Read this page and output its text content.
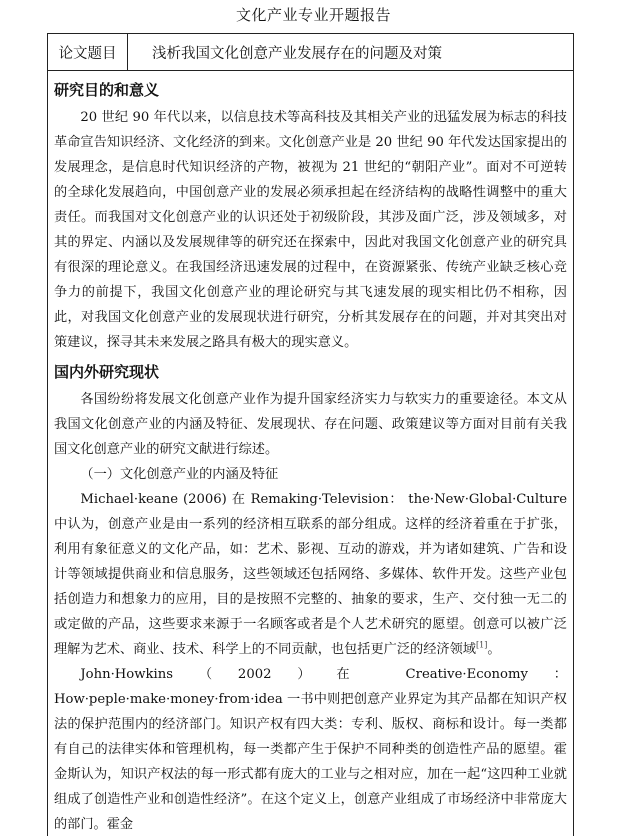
文化产业专业开题报告
论文题目	浅析我国文化创意产业发展存在的问题及对策
研究目的和意义

20 世纪 90 年代以来，以信息技术等高科技及其相关产业的迅猛发展为标志的科技革命宣告知识经济、文化经济的到来。文化创意产业是 20 世纪 90 年代发达国家提出的发展理念，是信息时代知识经济的产物，被视为 21 世纪的“朝阳产业”。面对不可逆转的全球化发展趋向，中国创意产业的发展必须承担起在经济结构的战略性调整中的重大责任。而我国对文化创意产业的认识还处于初级阶段，其涉及面广泛，涉及领域多，对其的界定、内涵以及发展规律等的研究还在探索中，因此对我国文化创意产业的研究具有很深的理论意义。在我国经济迅速发展的过程中，在资源紧张、传统产业缺乏核心竞争力的前提下，我国文化创意产业的理论研究与其飞速发展的现实相比仍不相称，因此，对我国文化创意产业的发展现状进行研究，分析其发展存在的问题，并对其突出对策建议，探寻其未来发展之路具有极大的现实意义。

国内外研究现状

各国纷纷将发展文化创意产业作为提升国家经济实力与软实力的重要途径。本文从我国文化创意产业的内涵及特征、发展现状、存在问题、政策建议等方面对目前有关我国文化创意产业的研究文献进行综述。

（一）文化创意产业的内涵及特征

Michael·keane (2006) 在 Remaking·Television： the·New·Global·Culture 中认为，创意产业是由一系列的经济相互联系的部分组成。这样的经济着重在于扩张，利用有象征意义的文化产品，如：艺术、影视、互动的游戏，并为诸如建筑、广告和设计等领域提供商业和信息服务，这些领域还包括网络、多媒体、软件开发。这些产业包括创造力和想象力的应用，目的是按照不完整的、抽象的要求，生产、交付独一无二的或定做的产品，这些要求来源于一名顾客或者是个人艺术研究的愿望。创意可以被广泛理解为艺术、商业、技术、科学上的不同贡献，也包括更广泛的经济领域[1]。

John·Howkins（2002）在 Creative·Economy：How·peple·make·money·from·idea 一书中则把创意产业界定为其产品都在知识产权法的保护范围内的经济部门。知识产权有四大类：专利、版权、商标和设计。每一类都有自己的法律实体和管理机构，每一类都产生于保护不同种类的创造性产品的愿望。霍金斯认为，知识产权法的每一形式都有庞大的工业与之相对应，加在一起“这四种工业就组成了创造性产业和创造性经济”。在这个定义上，创意产业组成了市场经济中非常庞大的部门。霍金
